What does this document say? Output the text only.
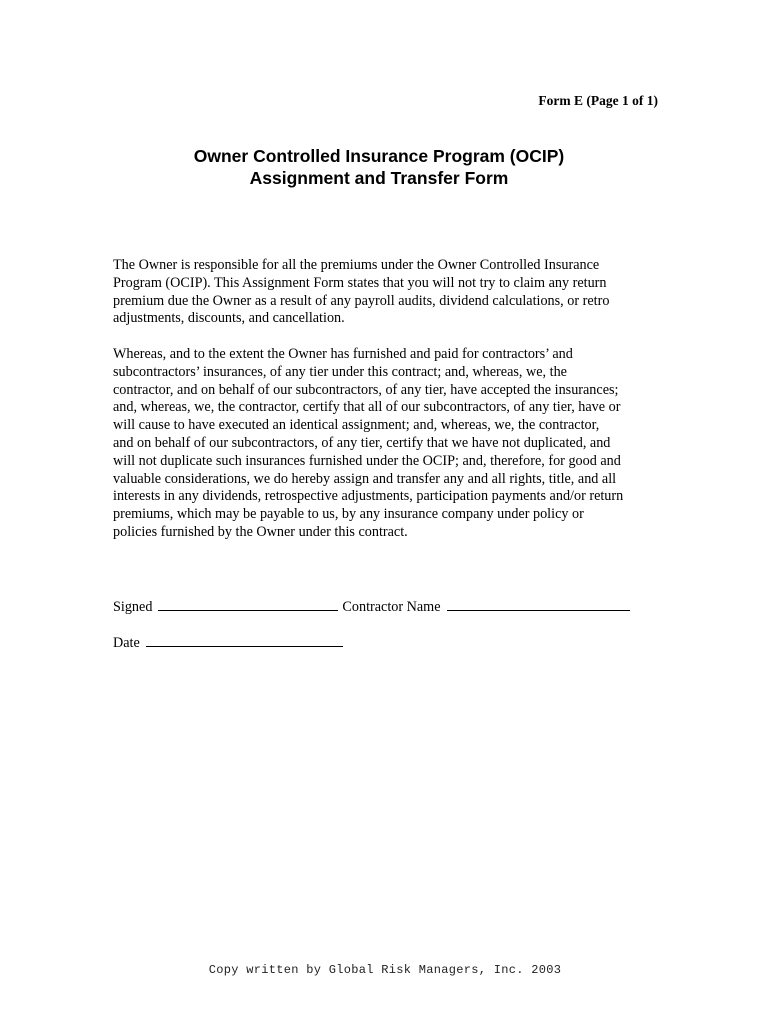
Form E (Page 1 of 1)
Owner Controlled Insurance Program (OCIP)
Assignment and Transfer Form
The Owner is responsible for all the premiums under the Owner Controlled Insurance
Program (OCIP). This Assignment Form states that you will not try to claim any return
premium due the Owner as a result of any payroll audits, dividend calculations, or retro
adjustments, discounts, and cancellation.
Whereas, and to the extent the Owner has furnished and paid for contractors’ and
subcontractors’ insurances, of any tier under this contract; and, whereas, we, the
contractor, and on behalf of our subcontractors, of any tier, have accepted the insurances;
and, whereas, we, the contractor, certify that all of our subcontractors, of any tier, have or
will cause to have executed an identical assignment; and, whereas, we, the contractor,
and on behalf of our subcontractors, of any tier, certify that we have not duplicated, and
will not duplicate such insurances furnished under the OCIP; and, therefore, for good and
valuable considerations, we do hereby assign and transfer any and all rights, title, and all
interests in any dividends, retrospective adjustments, participation payments and/or return
premiums, which may be payable to us, by any insurance company under policy or
policies furnished by the Owner under this contract.
Signed	Contractor Name
Date
Copy written by Global Risk Managers, Inc. 2003
